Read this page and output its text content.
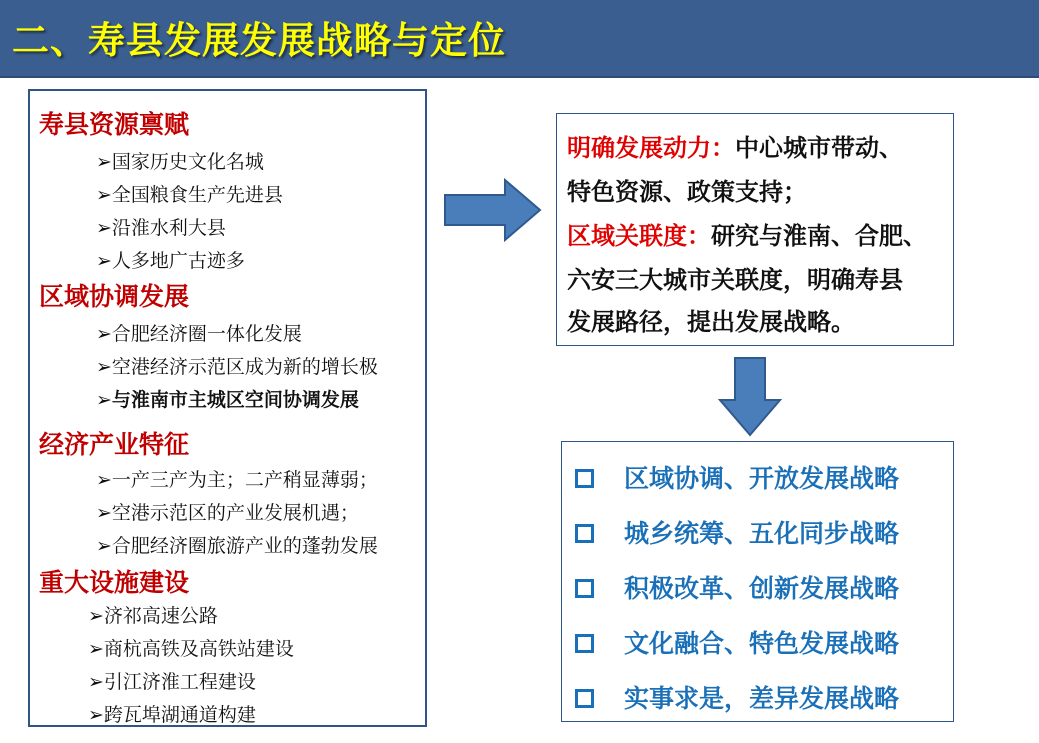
二、寿县发展发展战略与定位
寿县资源禀赋
➢国家历史文化名城
➢全国粮食生产先进县
➢沿淮水利大县
➢人多地广古迹多
区域协调发展
➢合肥经济圈一体化发展
➢空港经济示范区成为新的增长极
➢与淮南市主城区空间协调发展
经济产业特征
➢一产三产为主；二产稍显薄弱；
➢空港示范区的产业发展机遇；
➢合肥经济圈旅游产业的蓬勃发展
重大设施建设
➢济祁高速公路
➢商杭高铁及高铁站建设
➢引江济淮工程建设
➢跨瓦埠湖通道构建
明确发展动力：中心城市带动、
特色资源、政策支持；
区域关联度：研究与淮南、合肥、
六安三大城市关联度，明确寿县
发展路径，提出发展战略。
区域协调、开放发展战略
城乡统筹、五化同步战略
积极改革、创新发展战略
文化融合、特色发展战略
实事求是，差异发展战略
